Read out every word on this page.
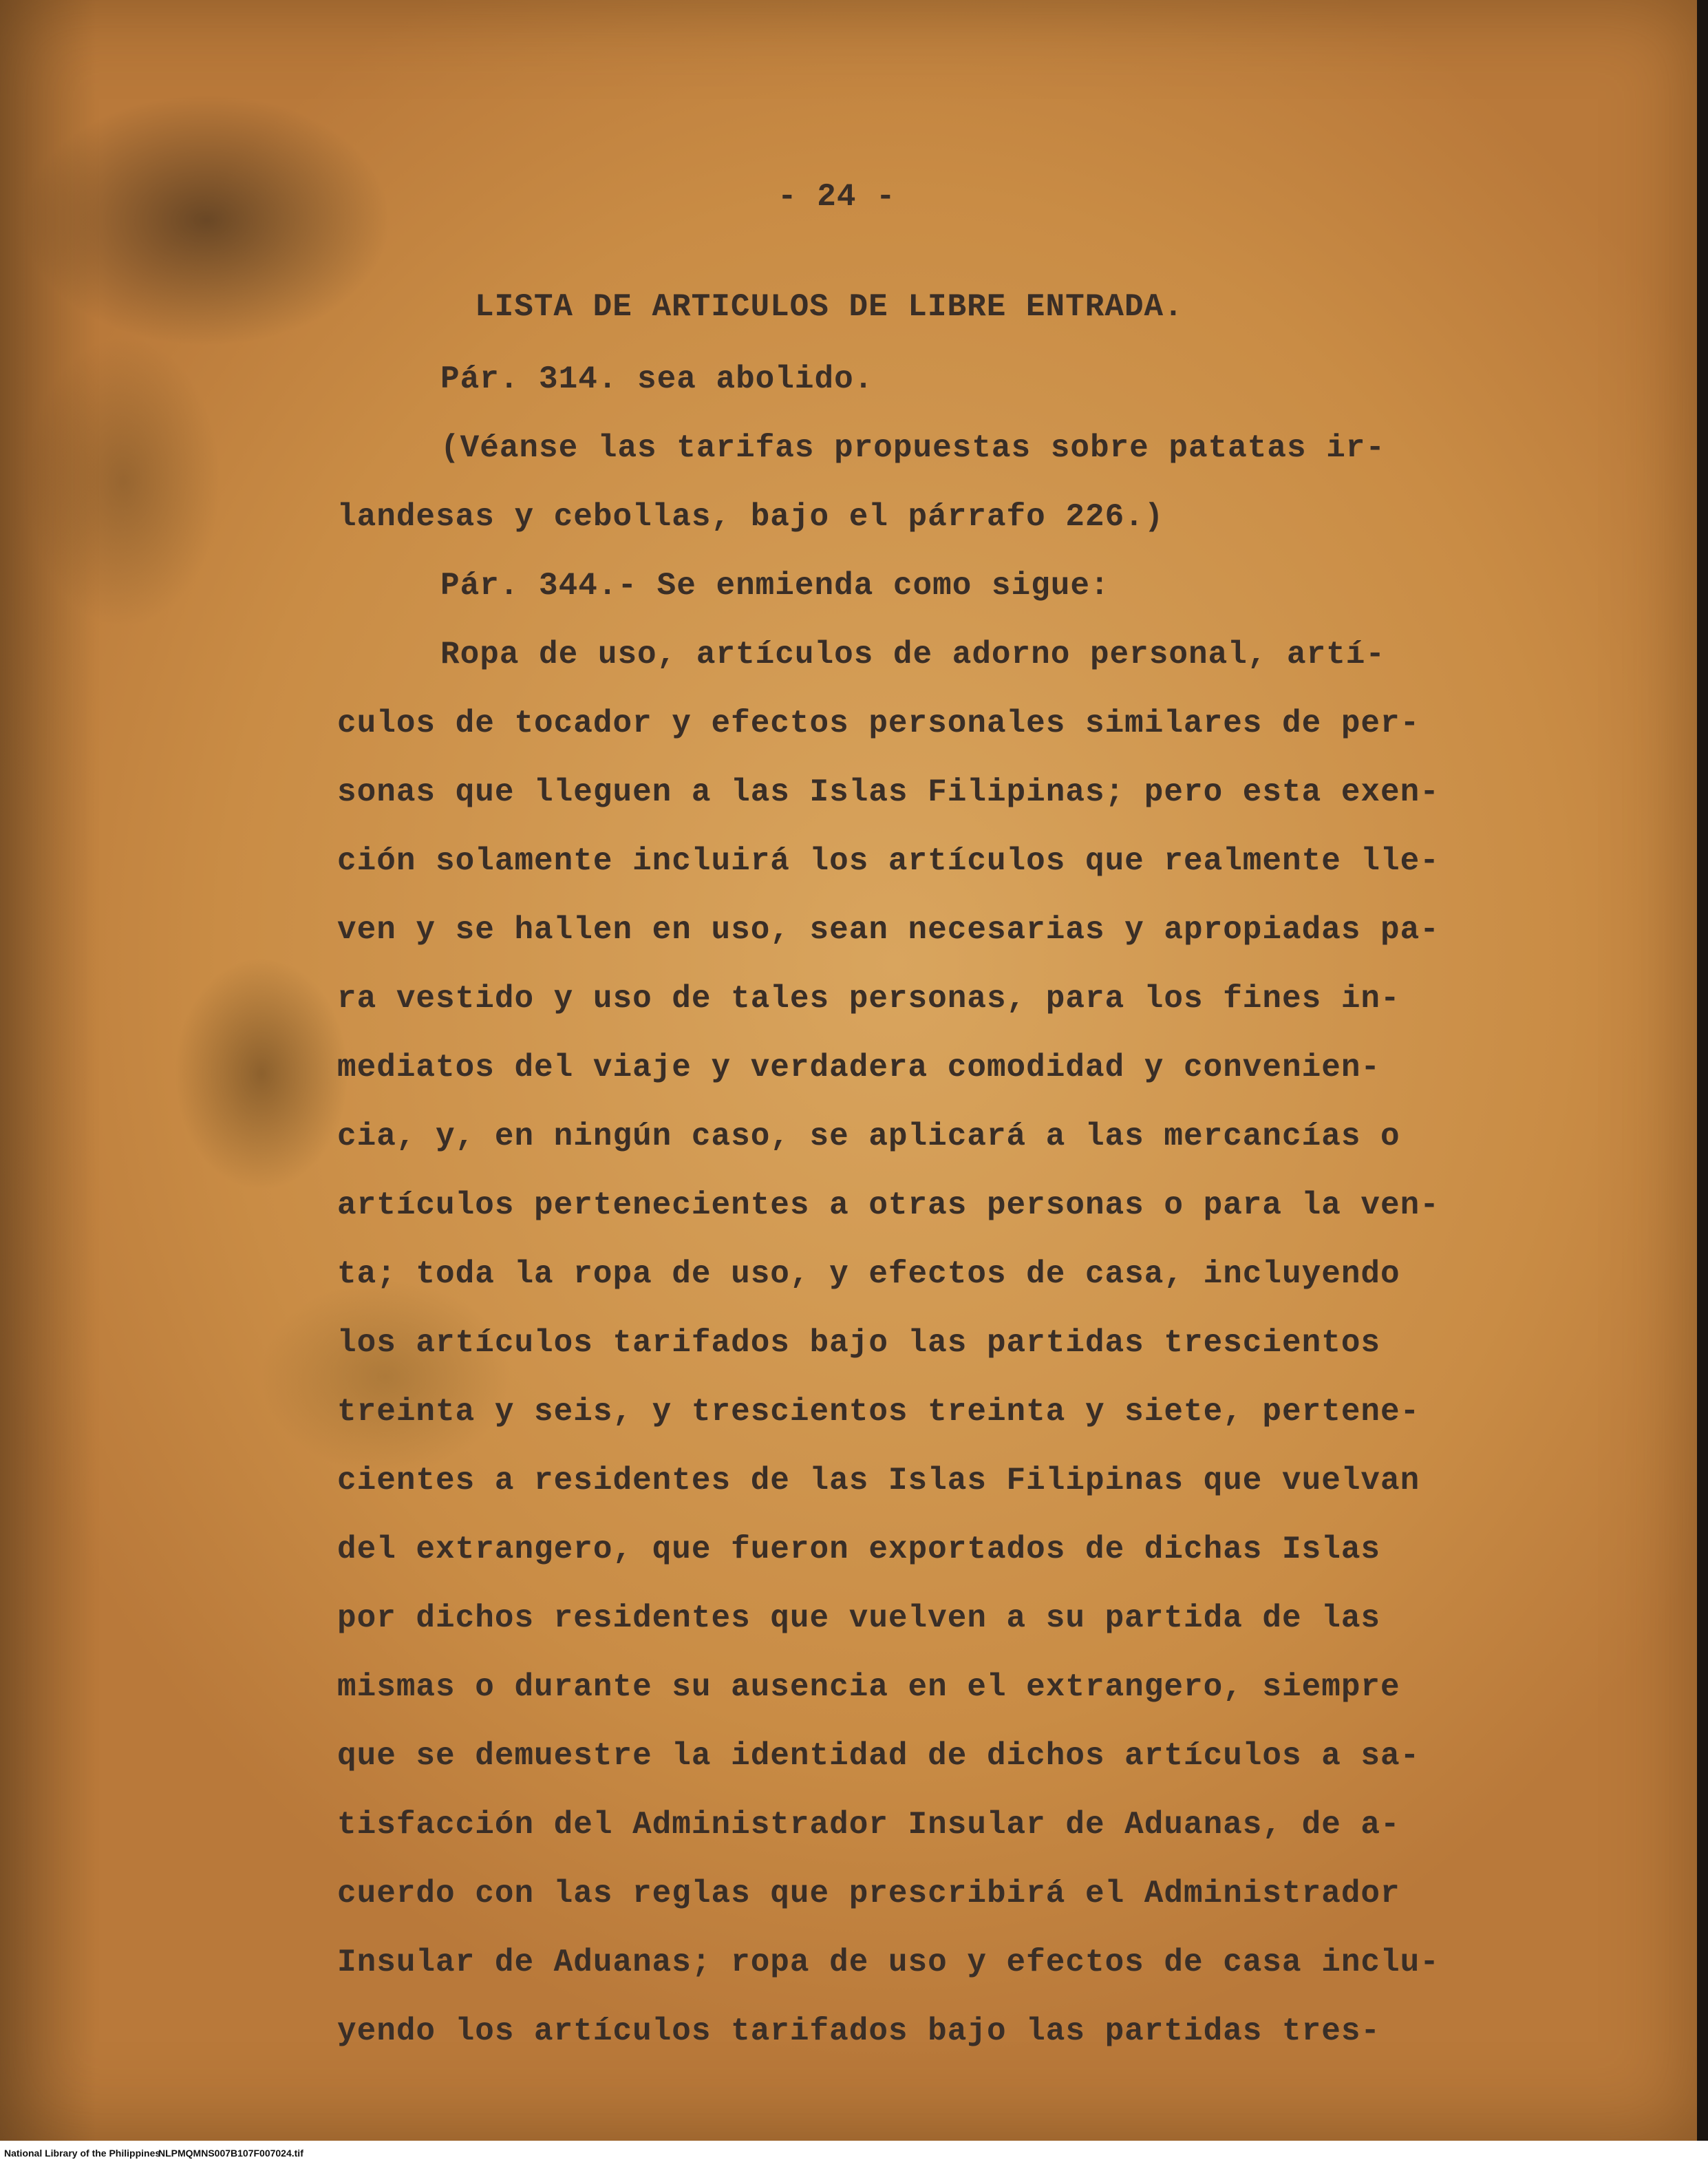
- 24 -
LISTA DE ARTICULOS DE LIBRE ENTRADA.
Pár. 314. sea abolido.
(Véanse las tarifas propuestas sobre patatas ir-
landesas y cebollas, bajo el párrafo 226.)
Pár. 344.- Se enmienda como sigue:
Ropa de uso, artículos de adorno personal, artí-
culos de tocador y efectos personales similares de per-
sonas que lleguen a las Islas Filipinas; pero esta exen-
ción solamente incluirá los artículos que realmente lle-
ven y se hallen en uso, sean necesarias y apropiadas pa-
ra vestido y uso de tales personas, para los fines in-
mediatos del viaje y verdadera comodidad y convenien-
cia, y, en ningún caso, se aplicará a las mercancías o
artículos pertenecientes a otras personas o para la ven-
ta; toda la ropa de uso, y efectos de casa, incluyendo
los artículos tarifados bajo las partidas trescientos
treinta y seis, y trescientos treinta y siete, pertene-
cientes a residentes de las Islas Filipinas que vuelvan
del extrangero, que fueron exportados de dichas Islas
por dichos residentes que vuelven a su partida de las
mismas o durante su ausencia en el extrangero, siempre
que se demuestre la identidad de dichos artículos a sa-
tisfacción del Administrador Insular de Aduanas, de a-
cuerdo con las reglas que prescribirá el Administrador
Insular de Aduanas; ropa de uso y efectos de casa inclu-
yendo los artículos tarifados bajo las partidas tres-
National Library of the Philippines
NLPMQMNS007B107F007024.tif
